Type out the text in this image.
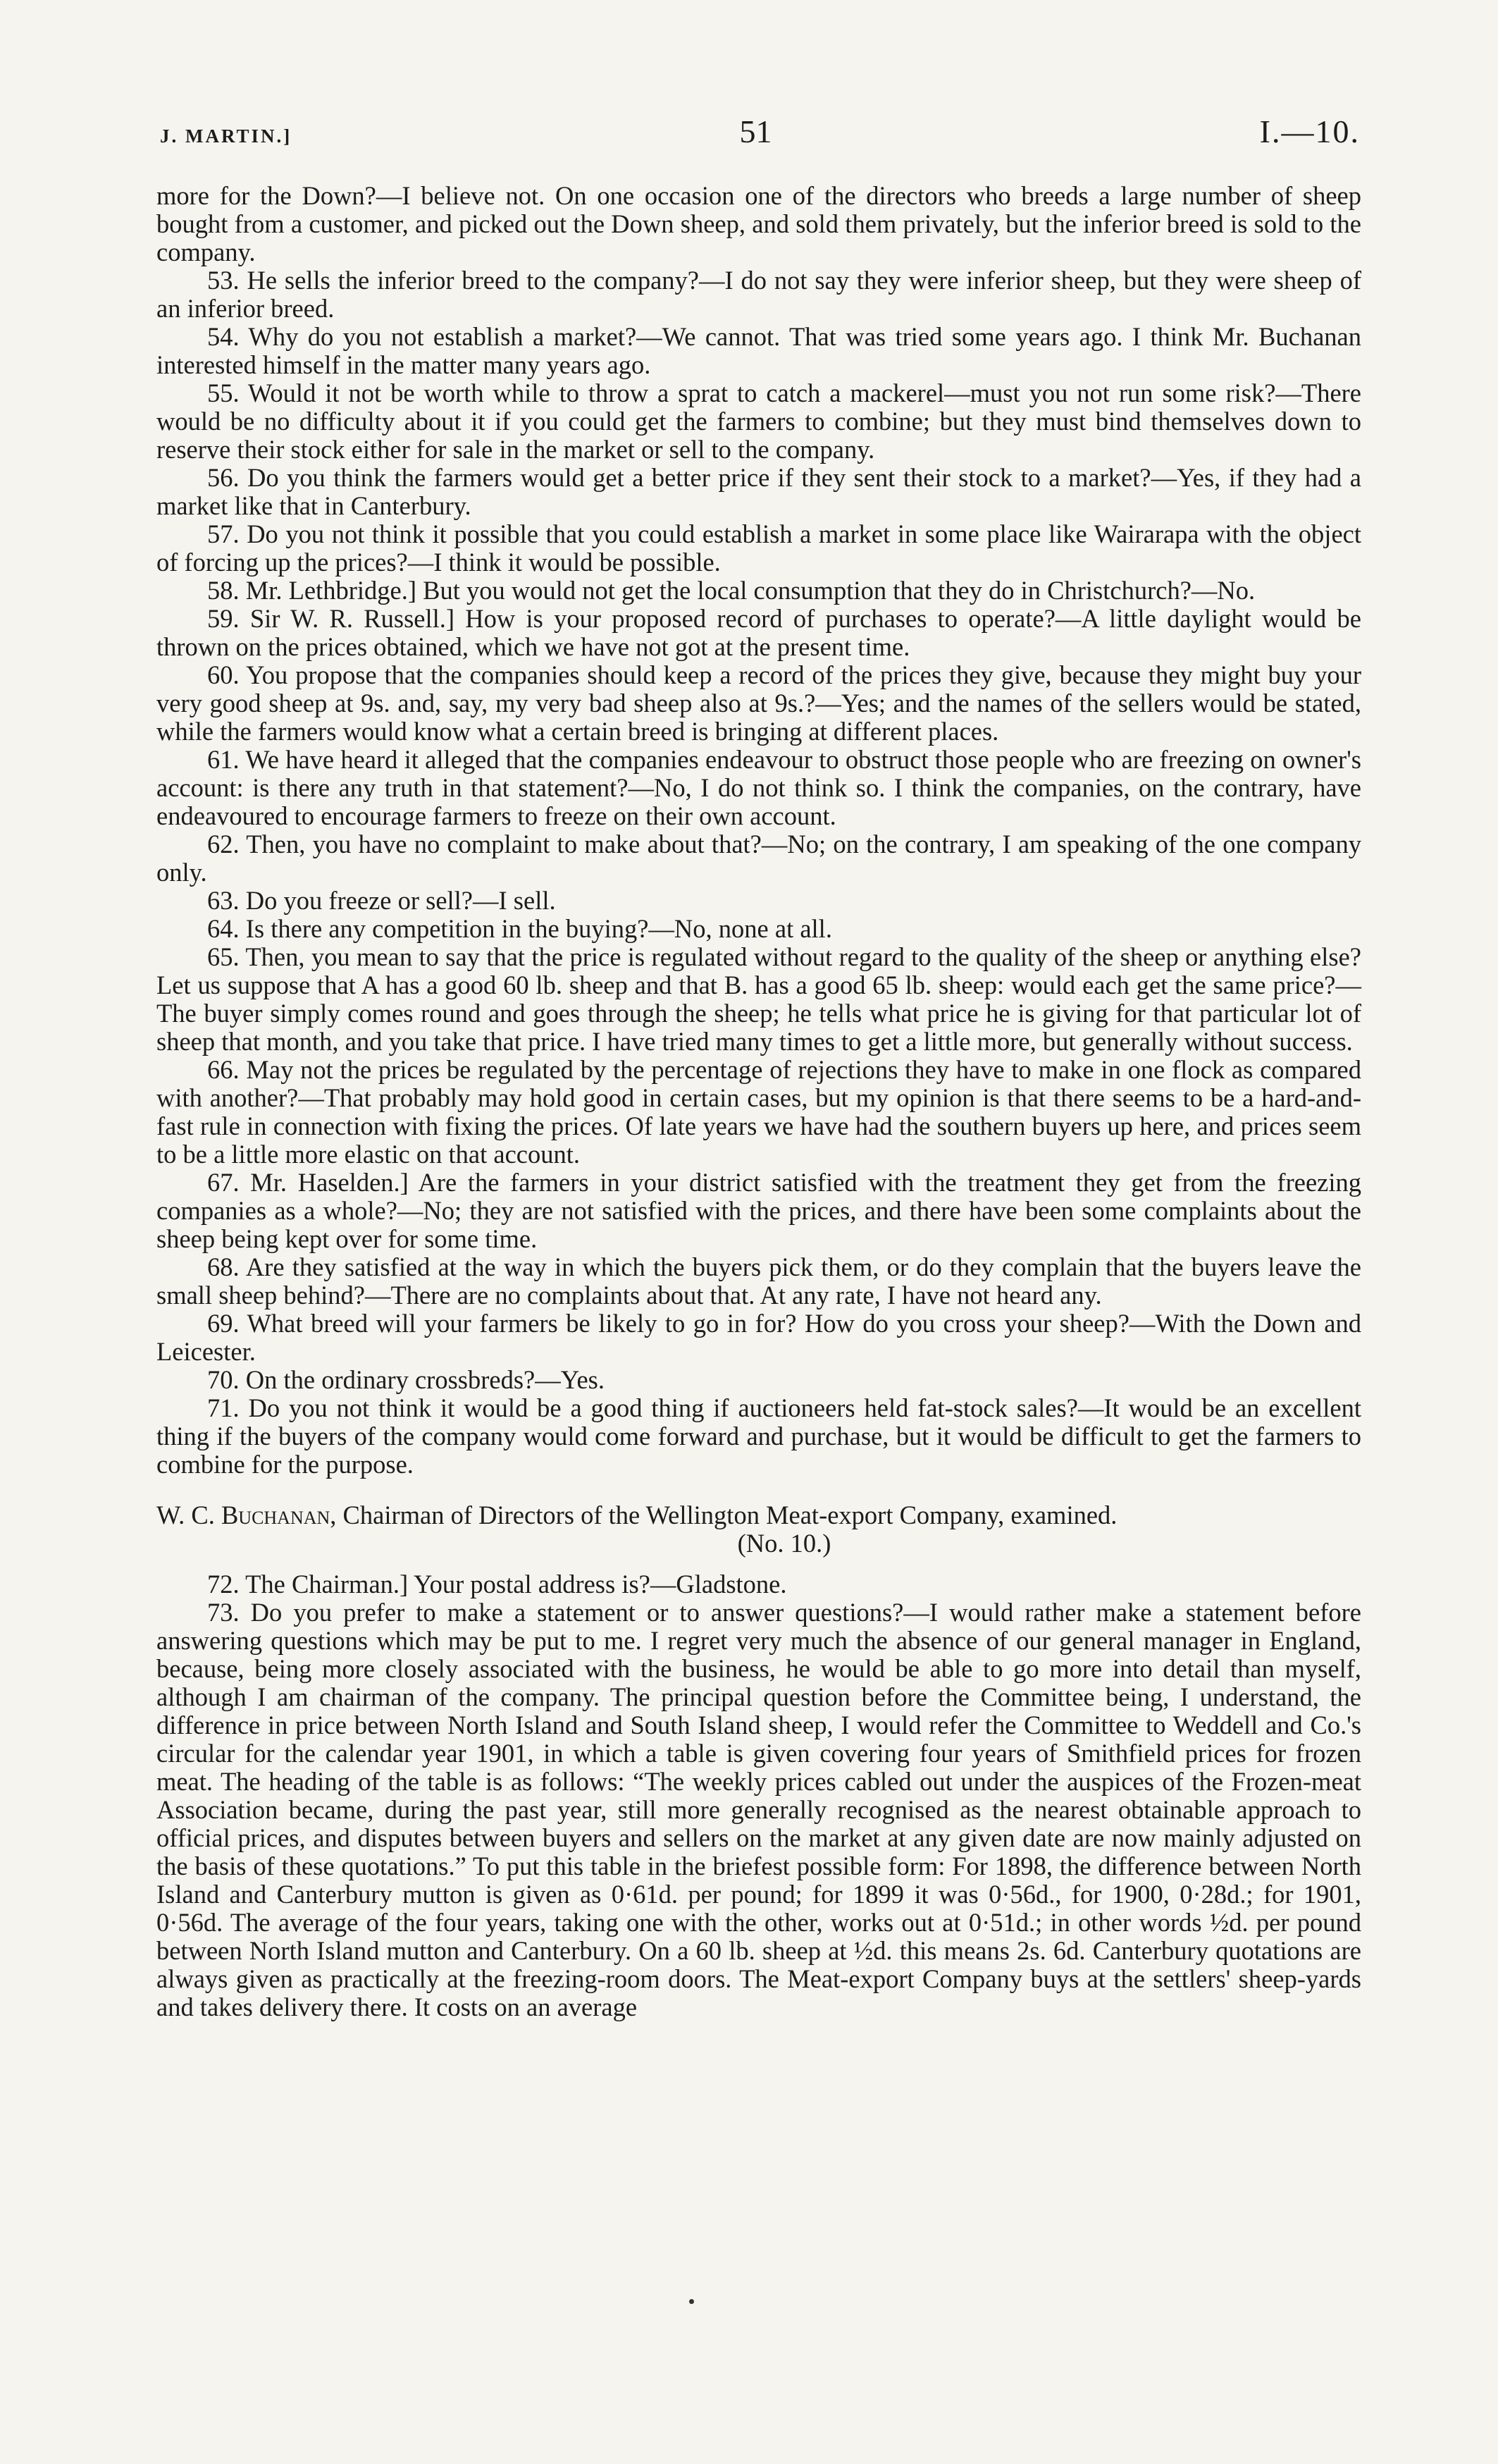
J. MARTIN.]	51	I.—10.

more for the Down?—I believe not. On one occasion one of the directors who breeds a large number of sheep bought from a customer, and picked out the Down sheep, and sold them privately, but the inferior breed is sold to the company.

53. He sells the inferior breed to the company?—I do not say they were inferior sheep, but they were sheep of an inferior breed.

54. Why do you not establish a market?—We cannot. That was tried some years ago. I think Mr. Buchanan interested himself in the matter many years ago.

55. Would it not be worth while to throw a sprat to catch a mackerel—must you not run some risk?—There would be no difficulty about it if you could get the farmers to combine; but they must bind themselves down to reserve their stock either for sale in the market or sell to the company.

56. Do you think the farmers would get a better price if they sent their stock to a market?—Yes, if they had a market like that in Canterbury.

57. Do you not think it possible that you could establish a market in some place like Wairarapa with the object of forcing up the prices?—I think it would be possible.

58. Mr. Lethbridge.] But you would not get the local consumption that they do in Christchurch?—No.

59. Sir W. R. Russell.] How is your proposed record of purchases to operate?—A little daylight would be thrown on the prices obtained, which we have not got at the present time.

60. You propose that the companies should keep a record of the prices they give, because they might buy your very good sheep at 9s. and, say, my very bad sheep also at 9s.?—Yes; and the names of the sellers would be stated, while the farmers would know what a certain breed is bringing at different places.

61. We have heard it alleged that the companies endeavour to obstruct those people who are freezing on owner's account: is there any truth in that statement?—No, I do not think so. I think the companies, on the contrary, have endeavoured to encourage farmers to freeze on their own account.

62. Then, you have no complaint to make about that?—No; on the contrary, I am speaking of the one company only.

63. Do you freeze or sell?—I sell.

64. Is there any competition in the buying?—No, none at all.

65. Then, you mean to say that the price is regulated without regard to the quality of the sheep or anything else? Let us suppose that A has a good 60 lb. sheep and that B. has a good 65 lb. sheep: would each get the same price?—The buyer simply comes round and goes through the sheep; he tells what price he is giving for that particular lot of sheep that month, and you take that price. I have tried many times to get a little more, but generally without success.

66. May not the prices be regulated by the percentage of rejections they have to make in one flock as compared with another?—That probably may hold good in certain cases, but my opinion is that there seems to be a hard-and-fast rule in connection with fixing the prices. Of late years we have had the southern buyers up here, and prices seem to be a little more elastic on that account.

67. Mr. Haselden.] Are the farmers in your district satisfied with the treatment they get from the freezing companies as a whole?—No; they are not satisfied with the prices, and there have been some complaints about the sheep being kept over for some time.

68. Are they satisfied at the way in which the buyers pick them, or do they complain that the buyers leave the small sheep behind?—There are no complaints about that. At any rate, I have not heard any.

69. What breed will your farmers be likely to go in for? How do you cross your sheep?—With the Down and Leicester.

70. On the ordinary crossbreds?—Yes.

71. Do you not think it would be a good thing if auctioneers held fat-stock sales?—It would be an excellent thing if the buyers of the company would come forward and purchase, but it would be difficult to get the farmers to combine for the purpose.

W. C. Buchanan, Chairman of Directors of the Wellington Meat-export Company, examined.

(No. 10.)

72. The Chairman.] Your postal address is?—Gladstone.

73. Do you prefer to make a statement or to answer questions?—I would rather make a statement before answering questions which may be put to me. I regret very much the absence of our general manager in England, because, being more closely associated with the business, he would be able to go more into detail than myself, although I am chairman of the company. The principal question before the Committee being, I understand, the difference in price between North Island and South Island sheep, I would refer the Committee to Weddell and Co.'s circular for the calendar year 1901, in which a table is given covering four years of Smithfield prices for frozen meat. The heading of the table is as follows: “The weekly prices cabled out under the auspices of the Frozen-meat Association became, during the past year, still more generally recognised as the nearest obtainable approach to official prices, and disputes between buyers and sellers on the market at any given date are now mainly adjusted on the basis of these quotations.” To put this table in the briefest possible form: For 1898, the difference between North Island and Canterbury mutton is given as 0·61d. per pound; for 1899 it was 0·56d., for 1900, 0·28d.; for 1901, 0·56d. The average of the four years, taking one with the other, works out at 0·51d.; in other words ½d. per pound between North Island mutton and Canterbury. On a 60 lb. sheep at ½d. this means 2s. 6d. Canterbury quotations are always given as practically at the freezing-room doors. The Meat-export Company buys at the settlers' sheep-yards and takes delivery there. It costs on an average
